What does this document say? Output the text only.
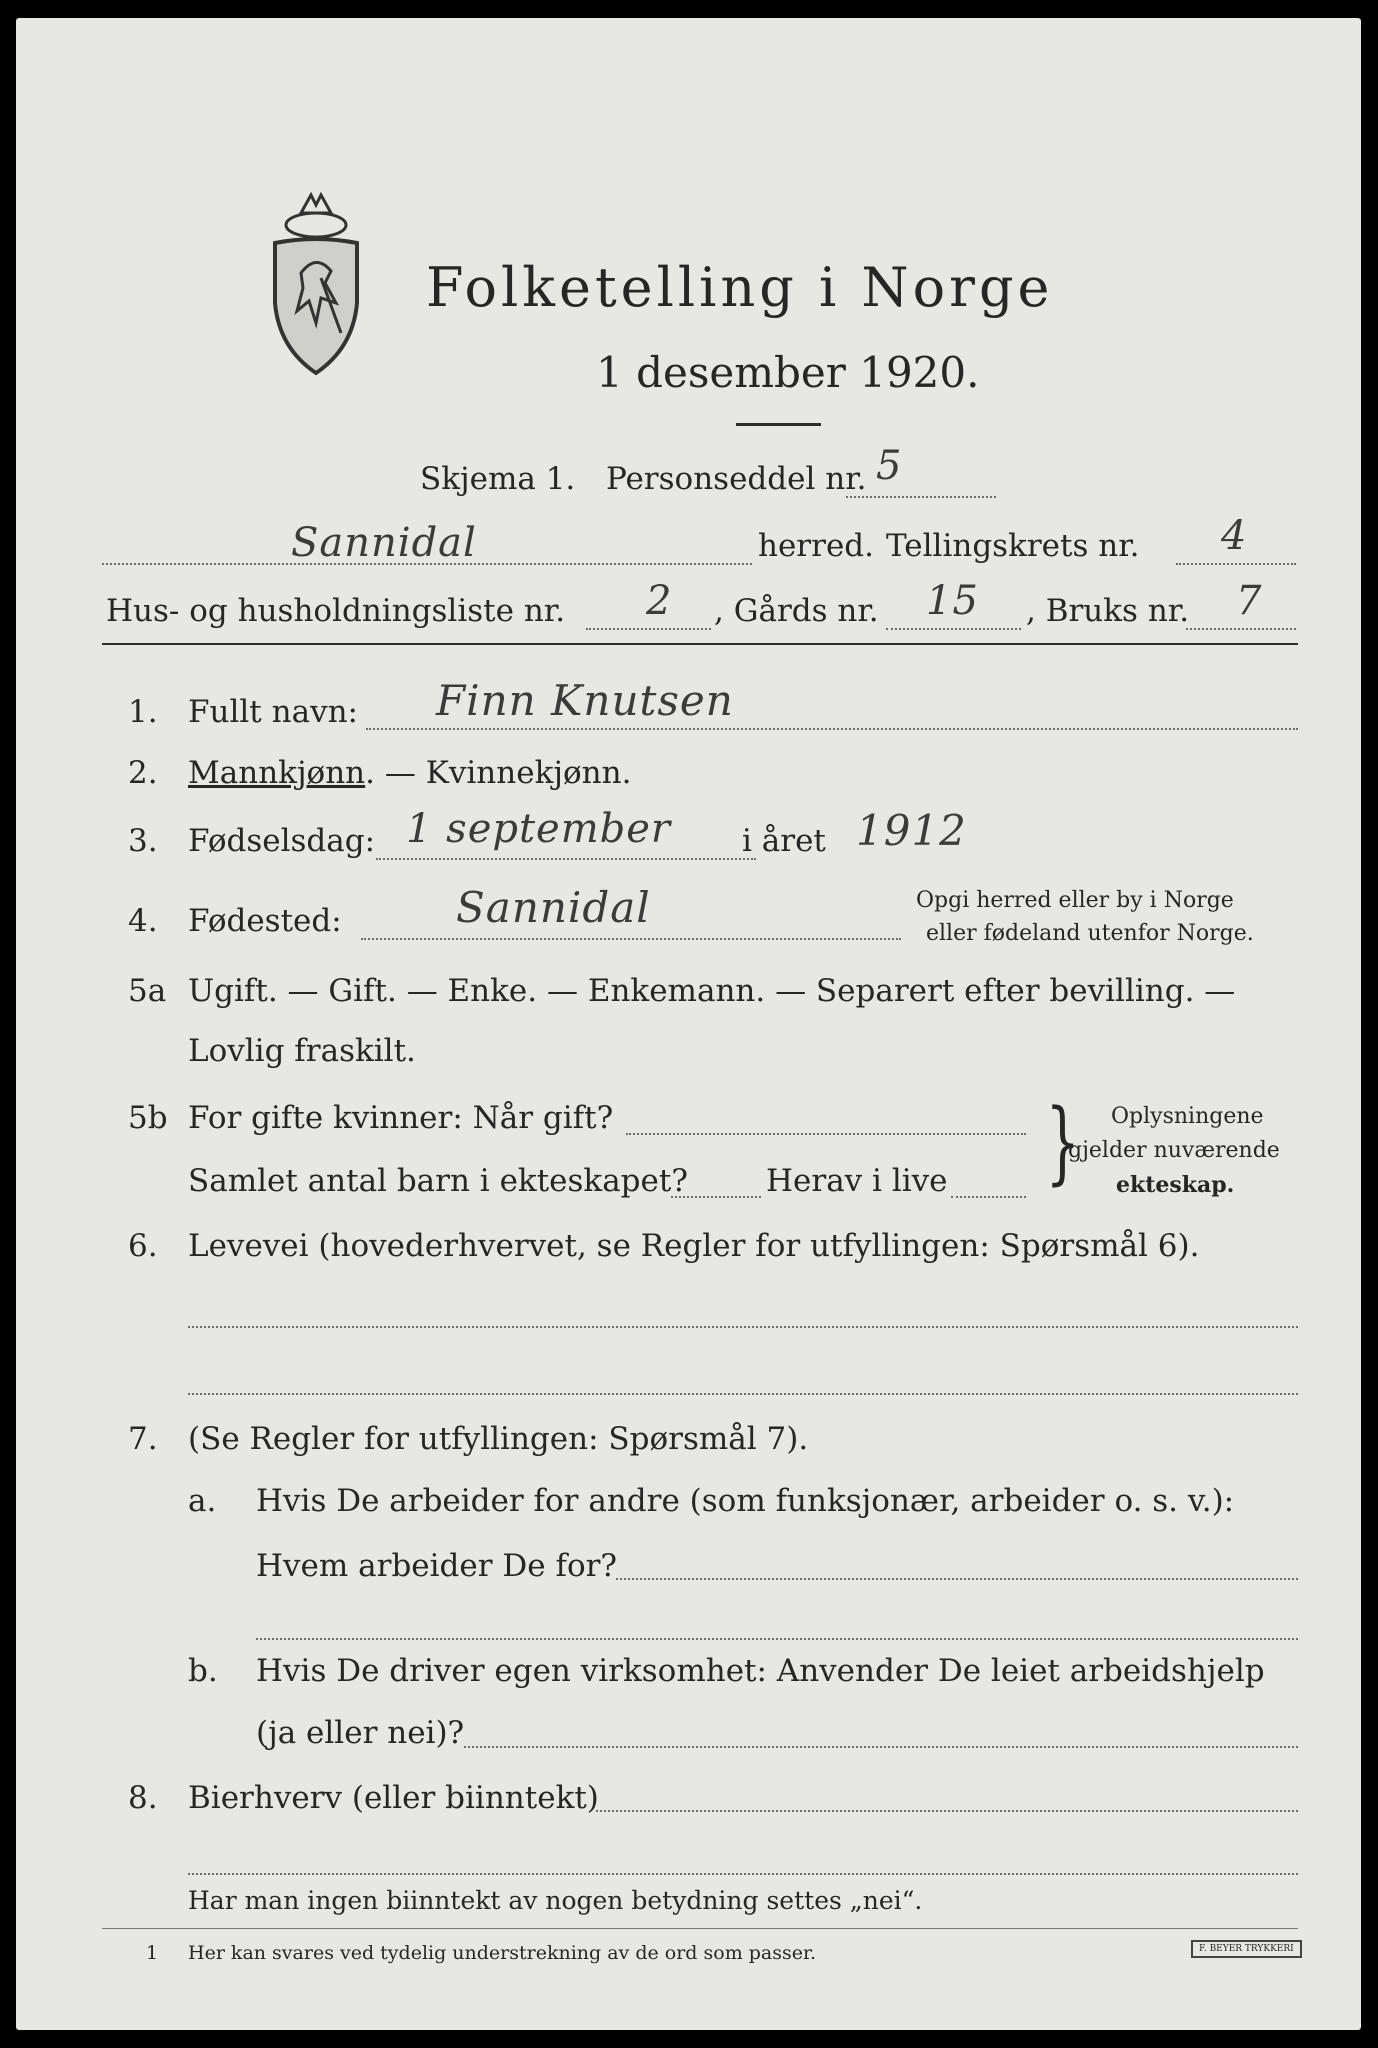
Folketelling i Norge
1 desember 1920.
Skjema 1. Personseddel nr. 5
Sannidal	herred. Tellingskrets nr. 4
Hus- og husholdningsliste nr. 2 , Gårds nr. 15 , Bruks nr. 7
1. Fullt navn: Finn Knutsen
2. Mannkjønn. — Kvinnekjønn.
3. Fødselsdag: 1 september i året 1912
4. Fødested:	Sannidal	Opgi herred eller by i Norge
eller fødeland utenfor Norge.
5a Ugift. — Gift. — Enke. — Enkemann. — Separert efter bevilling. —
Lovlig fraskilt.
5b For gifte kvinner: Når gift?
Samlet antal barn i ekteskapet?	Herav i live } Oplysningene
gjelder nuværende
ekteskap.
6. Levevei (hovederhvervet, se Regler for utfyllingen: Spørsmål 6).
7. (Se Regler for utfyllingen: Spørsmål 7).
a. Hvis De arbeider for andre (som funksjonær, arbeider o. s. v.):
Hvem arbeider De for?
b. Hvis De driver egen virksomhet: Anvender De leiet arbeidshjelp
(ja eller nei)?
8. Bierhverv (eller biinntekt)
Har man ingen biinntekt av nogen betydning settes „nei“.
1 Her kan svares ved tydelig understrekning av de ord som passer.	F. BEYER TRYKKERI
